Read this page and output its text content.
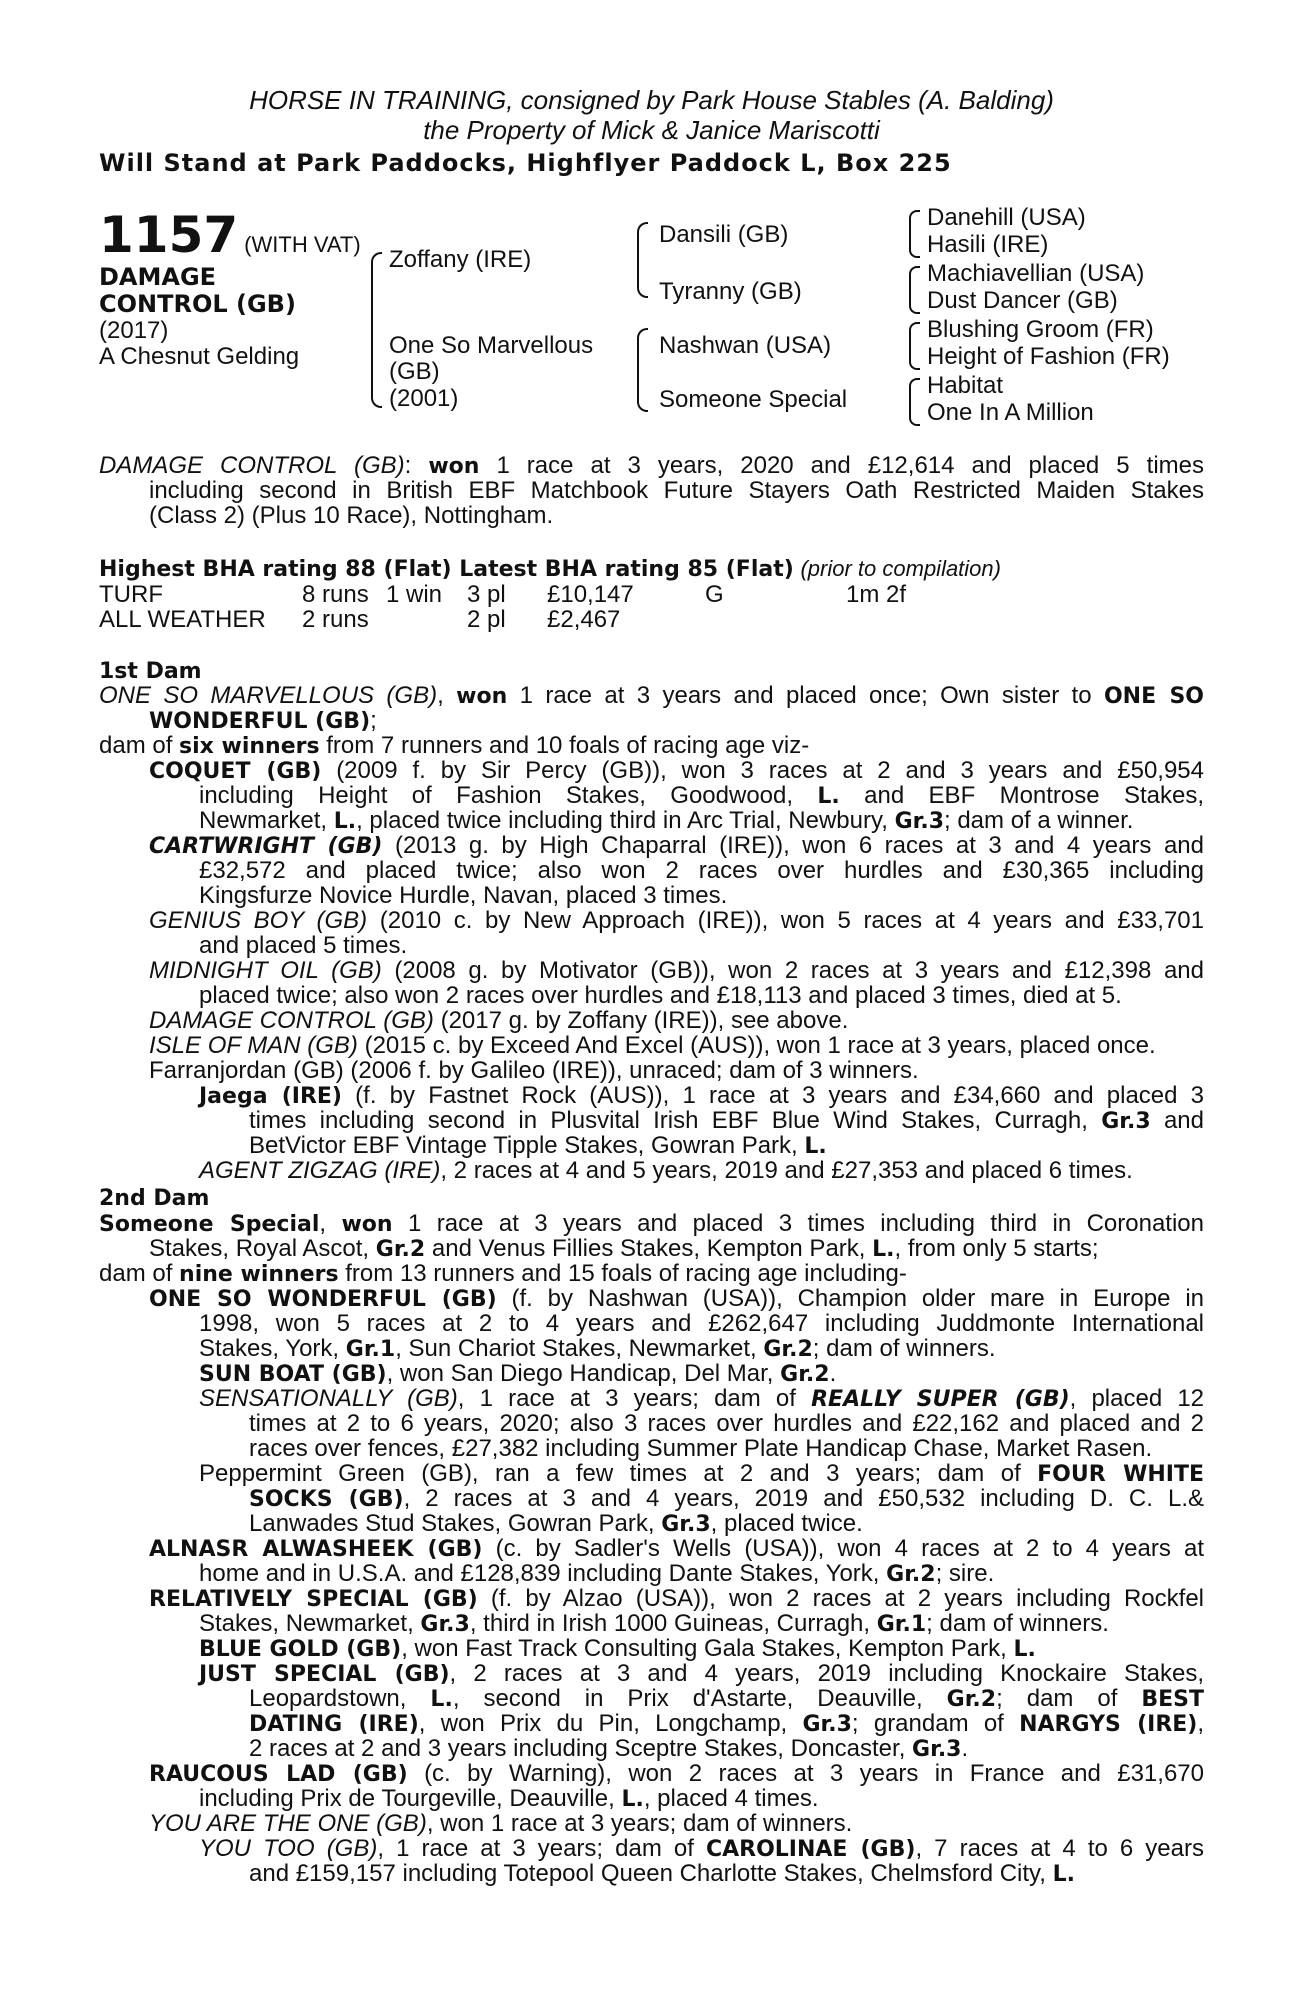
HORSE IN TRAINING, consigned by Park House Stables (A. Balding)
the Property of Mick & Janice Mariscotti
Will Stand at Park Paddocks, Highflyer Paddock L, Box 225
1157 (WITH VAT)
DAMAGE
CONTROL (GB)
(2017)
A Chesnut Gelding
Zoffany (IRE)
One So Marvellous
(GB)
(2001)
Dansili (GB)
Tyranny (GB)
Nashwan (USA)
Someone Special
Danehill (USA)
Hasili (IRE)
Machiavellian (USA)
Dust Dancer (GB)
Blushing Groom (FR)
Height of Fashion (FR)
Habitat
One In A Million
DAMAGE CONTROL (GB): won 1 race at 3 years, 2020 and £12,614 and placed 5 times
including second in British EBF Matchbook Future Stayers Oath Restricted Maiden Stakes
(Class 2) (Plus 10 Race), Nottingham.
Highest BHA rating 88 (Flat) Latest BHA rating 85 (Flat) (prior to compilation)
TURF	8 runs 1 win 3 pl £10,147	G	1m 2f
ALL WEATHER 2 runs	2 pl £2,467
1st Dam
ONE SO MARVELLOUS (GB), won 1 race at 3 years and placed once; Own sister to ONE SO
WONDERFUL (GB);
dam of six winners from 7 runners and 10 foals of racing age viz-
COQUET (GB) (2009 f. by Sir Percy (GB)), won 3 races at 2 and 3 years and £50,954
including Height of Fashion Stakes, Goodwood, L. and EBF Montrose Stakes,
Newmarket, L., placed twice including third in Arc Trial, Newbury, Gr.3; dam of a winner.
CARTWRIGHT (GB) (2013 g. by High Chaparral (IRE)), won 6 races at 3 and 4 years and
£32,572 and placed twice; also won 2 races over hurdles and £30,365 including
Kingsfurze Novice Hurdle, Navan, placed 3 times.
GENIUS BOY (GB) (2010 c. by New Approach (IRE)), won 5 races at 4 years and £33,701
and placed 5 times.
MIDNIGHT OIL (GB) (2008 g. by Motivator (GB)), won 2 races at 3 years and £12,398 and
placed twice; also won 2 races over hurdles and £18,113 and placed 3 times, died at 5.
DAMAGE CONTROL (GB) (2017 g. by Zoffany (IRE)), see above.
ISLE OF MAN (GB) (2015 c. by Exceed And Excel (AUS)), won 1 race at 3 years, placed once.
Farranjordan (GB) (2006 f. by Galileo (IRE)), unraced; dam of 3 winners.
Jaega (IRE) (f. by Fastnet Rock (AUS)), 1 race at 3 years and £34,660 and placed 3
times including second in Plusvital Irish EBF Blue Wind Stakes, Curragh, Gr.3 and
BetVictor EBF Vintage Tipple Stakes, Gowran Park, L.
AGENT ZIGZAG (IRE), 2 races at 4 and 5 years, 2019 and £27,353 and placed 6 times.
2nd Dam
Someone Special, won 1 race at 3 years and placed 3 times including third in Coronation
Stakes, Royal Ascot, Gr.2 and Venus Fillies Stakes, Kempton Park, L., from only 5 starts;
dam of nine winners from 13 runners and 15 foals of racing age including-
ONE SO WONDERFUL (GB) (f. by Nashwan (USA)), Champion older mare in Europe in
1998, won 5 races at 2 to 4 years and £262,647 including Juddmonte International
Stakes, York, Gr.1, Sun Chariot Stakes, Newmarket, Gr.2; dam of winners.
SUN BOAT (GB), won San Diego Handicap, Del Mar, Gr.2.
SENSATIONALLY (GB), 1 race at 3 years; dam of REALLY SUPER (GB), placed 12
times at 2 to 6 years, 2020; also 3 races over hurdles and £22,162 and placed and 2
races over fences, £27,382 including Summer Plate Handicap Chase, Market Rasen.
Peppermint Green (GB), ran a few times at 2 and 3 years; dam of FOUR WHITE
SOCKS (GB), 2 races at 3 and 4 years, 2019 and £50,532 including D. C. L.&
Lanwades Stud Stakes, Gowran Park, Gr.3, placed twice.
ALNASR ALWASHEEK (GB) (c. by Sadler's Wells (USA)), won 4 races at 2 to 4 years at
home and in U.S.A. and £128,839 including Dante Stakes, York, Gr.2; sire.
RELATIVELY SPECIAL (GB) (f. by Alzao (USA)), won 2 races at 2 years including Rockfel
Stakes, Newmarket, Gr.3, third in Irish 1000 Guineas, Curragh, Gr.1; dam of winners.
BLUE GOLD (GB), won Fast Track Consulting Gala Stakes, Kempton Park, L.
JUST SPECIAL (GB), 2 races at 3 and 4 years, 2019 including Knockaire Stakes,
Leopardstown, L., second in Prix d'Astarte, Deauville, Gr.2; dam of BEST
DATING (IRE), won Prix du Pin, Longchamp, Gr.3; grandam of NARGYS (IRE),
2 races at 2 and 3 years including Sceptre Stakes, Doncaster, Gr.3.
RAUCOUS LAD (GB) (c. by Warning), won 2 races at 3 years in France and £31,670
including Prix de Tourgeville, Deauville, L., placed 4 times.
YOU ARE THE ONE (GB), won 1 race at 3 years; dam of winners.
YOU TOO (GB), 1 race at 3 years; dam of CAROLINAE (GB), 7 races at 4 to 6 years
and £159,157 including Totepool Queen Charlotte Stakes, Chelmsford City, L.
